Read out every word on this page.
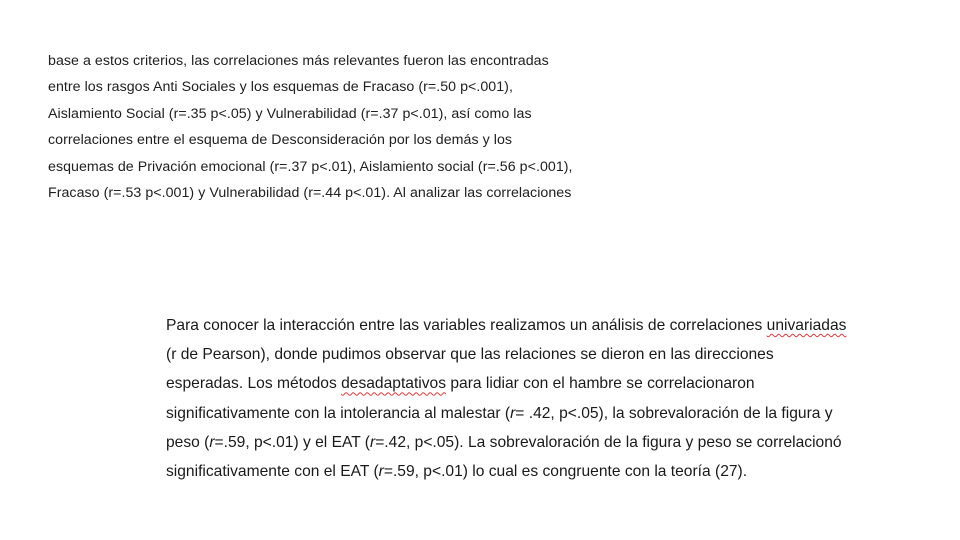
base a estos criterios, las correlaciones más relevantes fueron las encontradas
entre los rasgos Anti Sociales y los esquemas de Fracaso (r=.50 p<.001),
Aislamiento Social (r=.35 p<.05) y Vulnerabilidad (r=.37 p<.01), así como las
correlaciones entre el esquema de Desconsideración por los demás y los
esquemas de Privación emocional (r=.37 p<.01), Aislamiento social (r=.56 p<.001),
Fracaso (r=.53 p<.001) y Vulnerabilidad (r=.44 p<.01). Al analizar las correlaciones
Para conocer la interacción entre las variables realizamos un análisis de correlaciones univariadas
(r de Pearson), donde pudimos observar que las relaciones se dieron en las direcciones
esperadas. Los métodos desadaptativos para lidiar con el hambre se correlacionaron
significativamente con la intolerancia al malestar (r= .42, p<.05), la sobrevaloración de la figura y
peso (r=.59, p<.01) y el EAT (r=.42, p<.05). La sobrevaloración de la figura y peso se correlacionó
significativamente con el EAT (r=.59, p<.01) lo cual es congruente con la teoría (27).
